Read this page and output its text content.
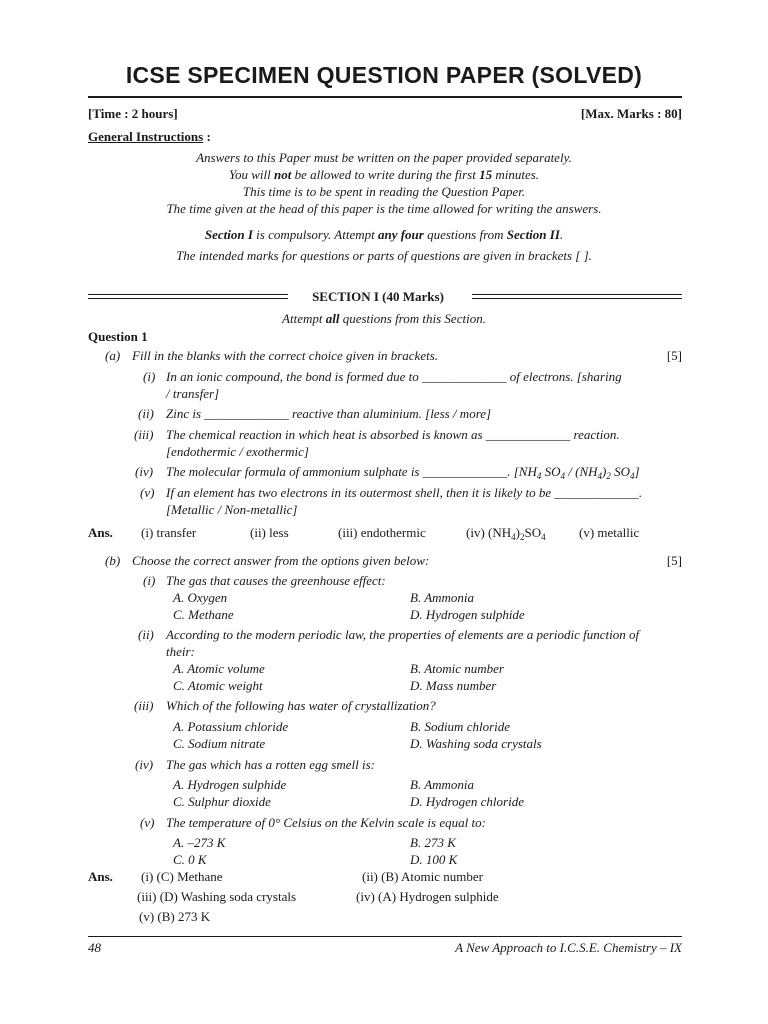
ICSE SPECIMEN QUESTION PAPER (SOLVED)
[Time : 2 hours]	[Max. Marks : 80]
General Instructions :
Answers to this Paper must be written on the paper provided separately.
You will not be allowed to write during the first 15 minutes.
This time is to be spent in reading the Question Paper.
The time given at the head of this paper is the time allowed for writing the answers.
Section I is compulsory. Attempt any four questions from Section II.
The intended marks for questions or parts of questions are given in brackets [ ].
SECTION I (40 Marks)
Attempt all questions from this Section.
Question 1
(a) Fill in the blanks with the correct choice given in brackets.	[5]
(i) In an ionic compound, the bond is formed due to _____________ of electrons. [sharing
/ transfer]
(ii) Zinc is _____________ reactive than aluminium. [less / more]
(iii) The chemical reaction in which heat is absorbed is known as _____________ reaction.
[endothermic / exothermic]
(iv) The molecular formula of ammonium sulphate is _____________. [$NH_4$ $SO_4 / (NH_4)_2$ $SO_4$]
(v) If an element has two electrons in its outermost shell, then it is likely to be _____________.
[Metallic / Non-metallic]
Ans. (i) transfer	(ii) less	(iii) endothermic	(iv) $(NH_4)_2SO_4$	(v) metallic
(b) Choose the correct answer from the options given below:	[5]
(i) The gas that causes the greenhouse effect:
A. Oxygen	B. Ammonia
C. Methane	D. Hydrogen sulphide
(ii) According to the modern periodic law, the properties of elements are a periodic function of
their:
A. Atomic volume	B. Atomic number
C. Atomic weight	D. Mass number
(iii) Which of the following has water of crystallization?
A. Potassium chloride	B. Sodium chloride
C. Sodium nitrate	D. Washing soda crystals
(iv) The gas which has a rotten egg smell is:
A. Hydrogen sulphide	B. Ammonia
C. Sulphur dioxide	D. Hydrogen chloride
(v) The temperature of 0° Celsius on the Kelvin scale is equal to:
A. –273 K	B. 273 K
C. 0 K	D. 100 K
Ans. (i) (C) Methane	(ii) (B) Atomic number
(iii) (D) Washing soda crystals	(iv) (A) Hydrogen sulphide
(v) (B) 273 K
48	A New Approach to I.C.S.E. Chemistry – IX
